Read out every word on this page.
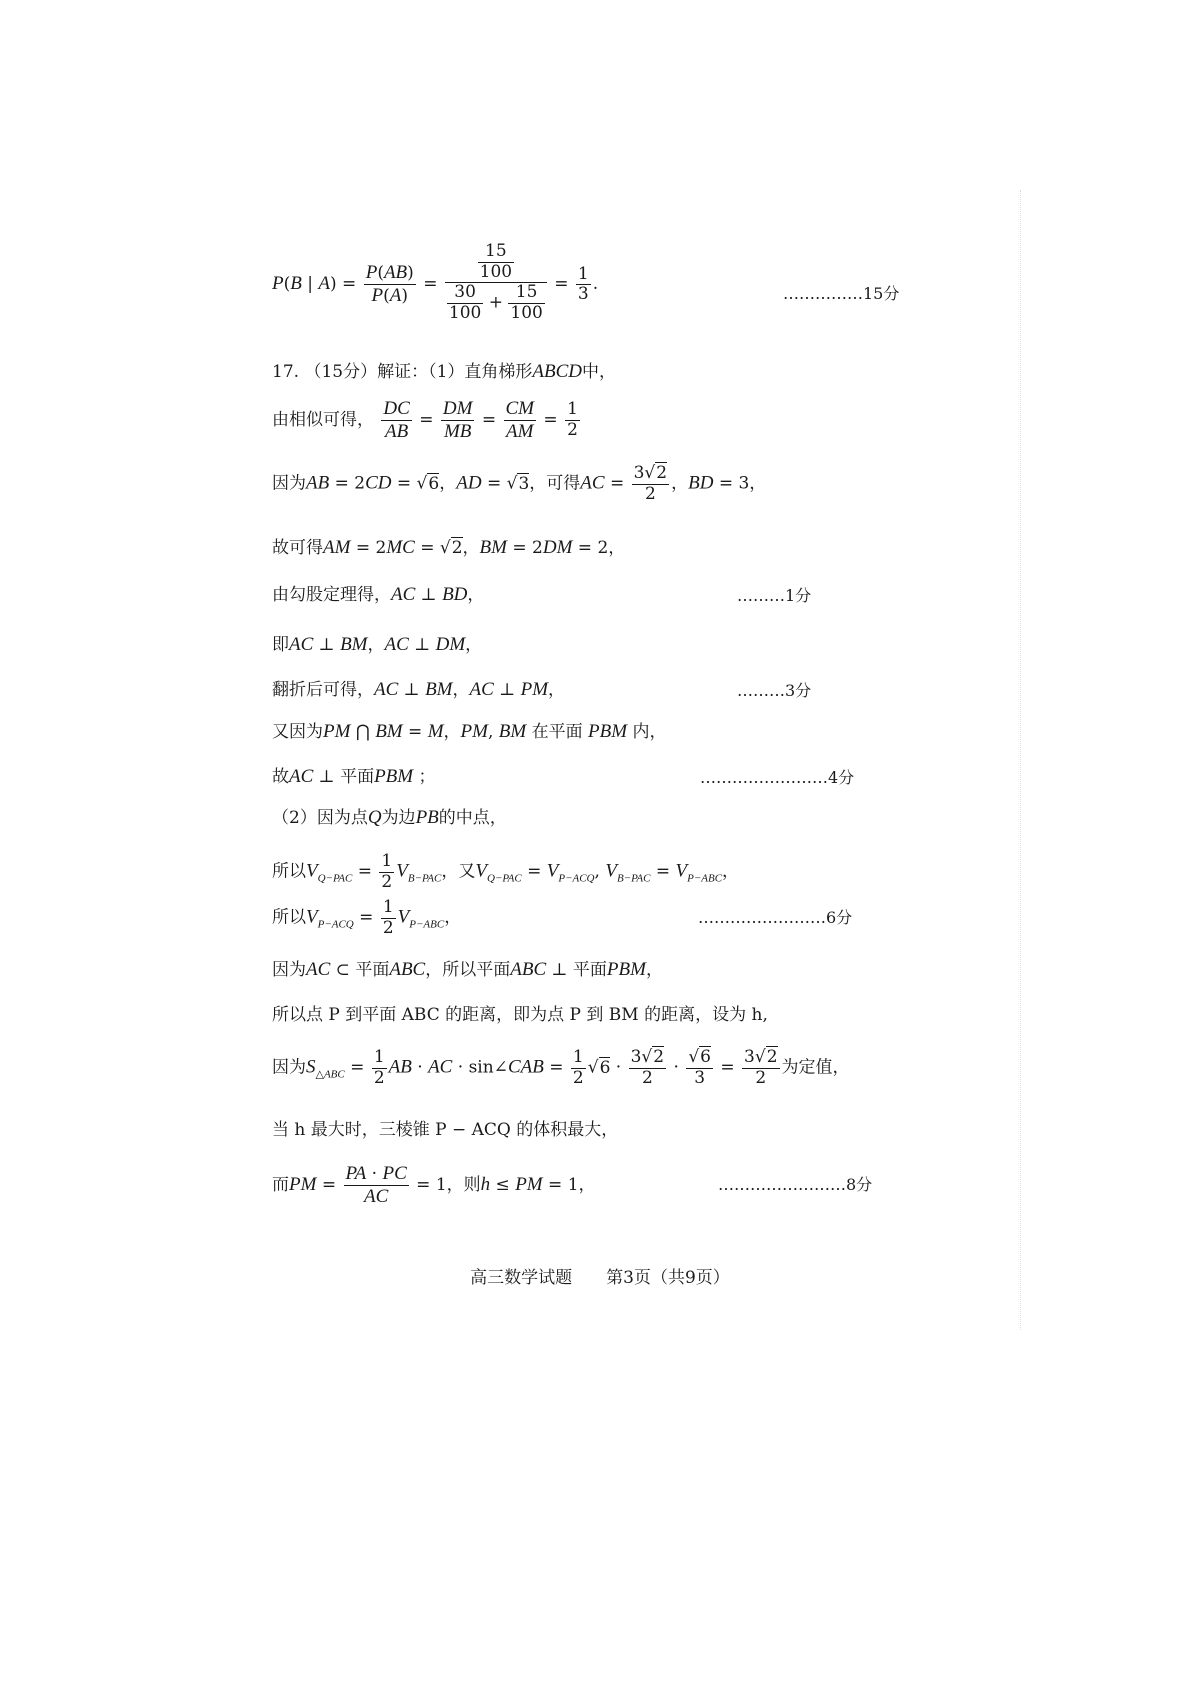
P(B | $A) = \frac{P(AB)}{P(A)} = \frac{\frac{15}{100}}{\frac{30}{100} + \frac{15}{100}} = \frac{1}{3}$ .	……………15分
17. （15分）解证：（1）直角梯形ABCD中，
由相似可得， $\frac{DC}{AB} = \frac{DM}{MB} = \frac{CM}{AM} = \frac{1}{2}$
因为AB = 2CD = √6，AD = √3，可得AC = $\frac{3√2}{2}$ ，BD = 3，
故可得AM = 2MC = √2，BM = 2DM = 2，
由勾股定理得，AC ⊥ BD，	………1分
即AC ⊥ BM，AC ⊥ DM，
翻折后可得，AC ⊥ BM，AC ⊥ PM，	………3分
又因为PM ⋂ BM = M，PM, BM 在平面 PBM 内，
故AC ⊥ 平面PBM ；	……………………4分
（2）因为点Q为边PB的中点，
所以$V_{Q-PAC} = \frac{1}{2} V_{B-PAC}$，又$V_{Q-PAC} = V_{P-ACQ}$, $V_{B-PAC} = V_{P-ABC}$，
所以$V_{P-ACQ} = \frac{1}{2} V_{P-ABC}$，	……………………6分
因为AC ⊂ 平面ABC，所以平面ABC ⊥ 平面PBM，
所以点 P 到平面 ABC 的距离，即为点 P 到 BM 的距离，设为 h,
因为$S_{\triangle ABC} = \frac{1}{2}$ AB · AC · sin∠CAB = $\frac{1}{2} √6 \cdot \frac{3√2}{2} \cdot \frac{√6}{3} = \frac{3√2}{2}$ 为定值，
当 h 最大时，三棱锥 P − ACQ 的体积最大，
而PM = $\frac{PA \cdot PC}{AC} = 1$，则h ≤ PM = 1，	……………………8分
高三数学试题　　第3页（共9页）
